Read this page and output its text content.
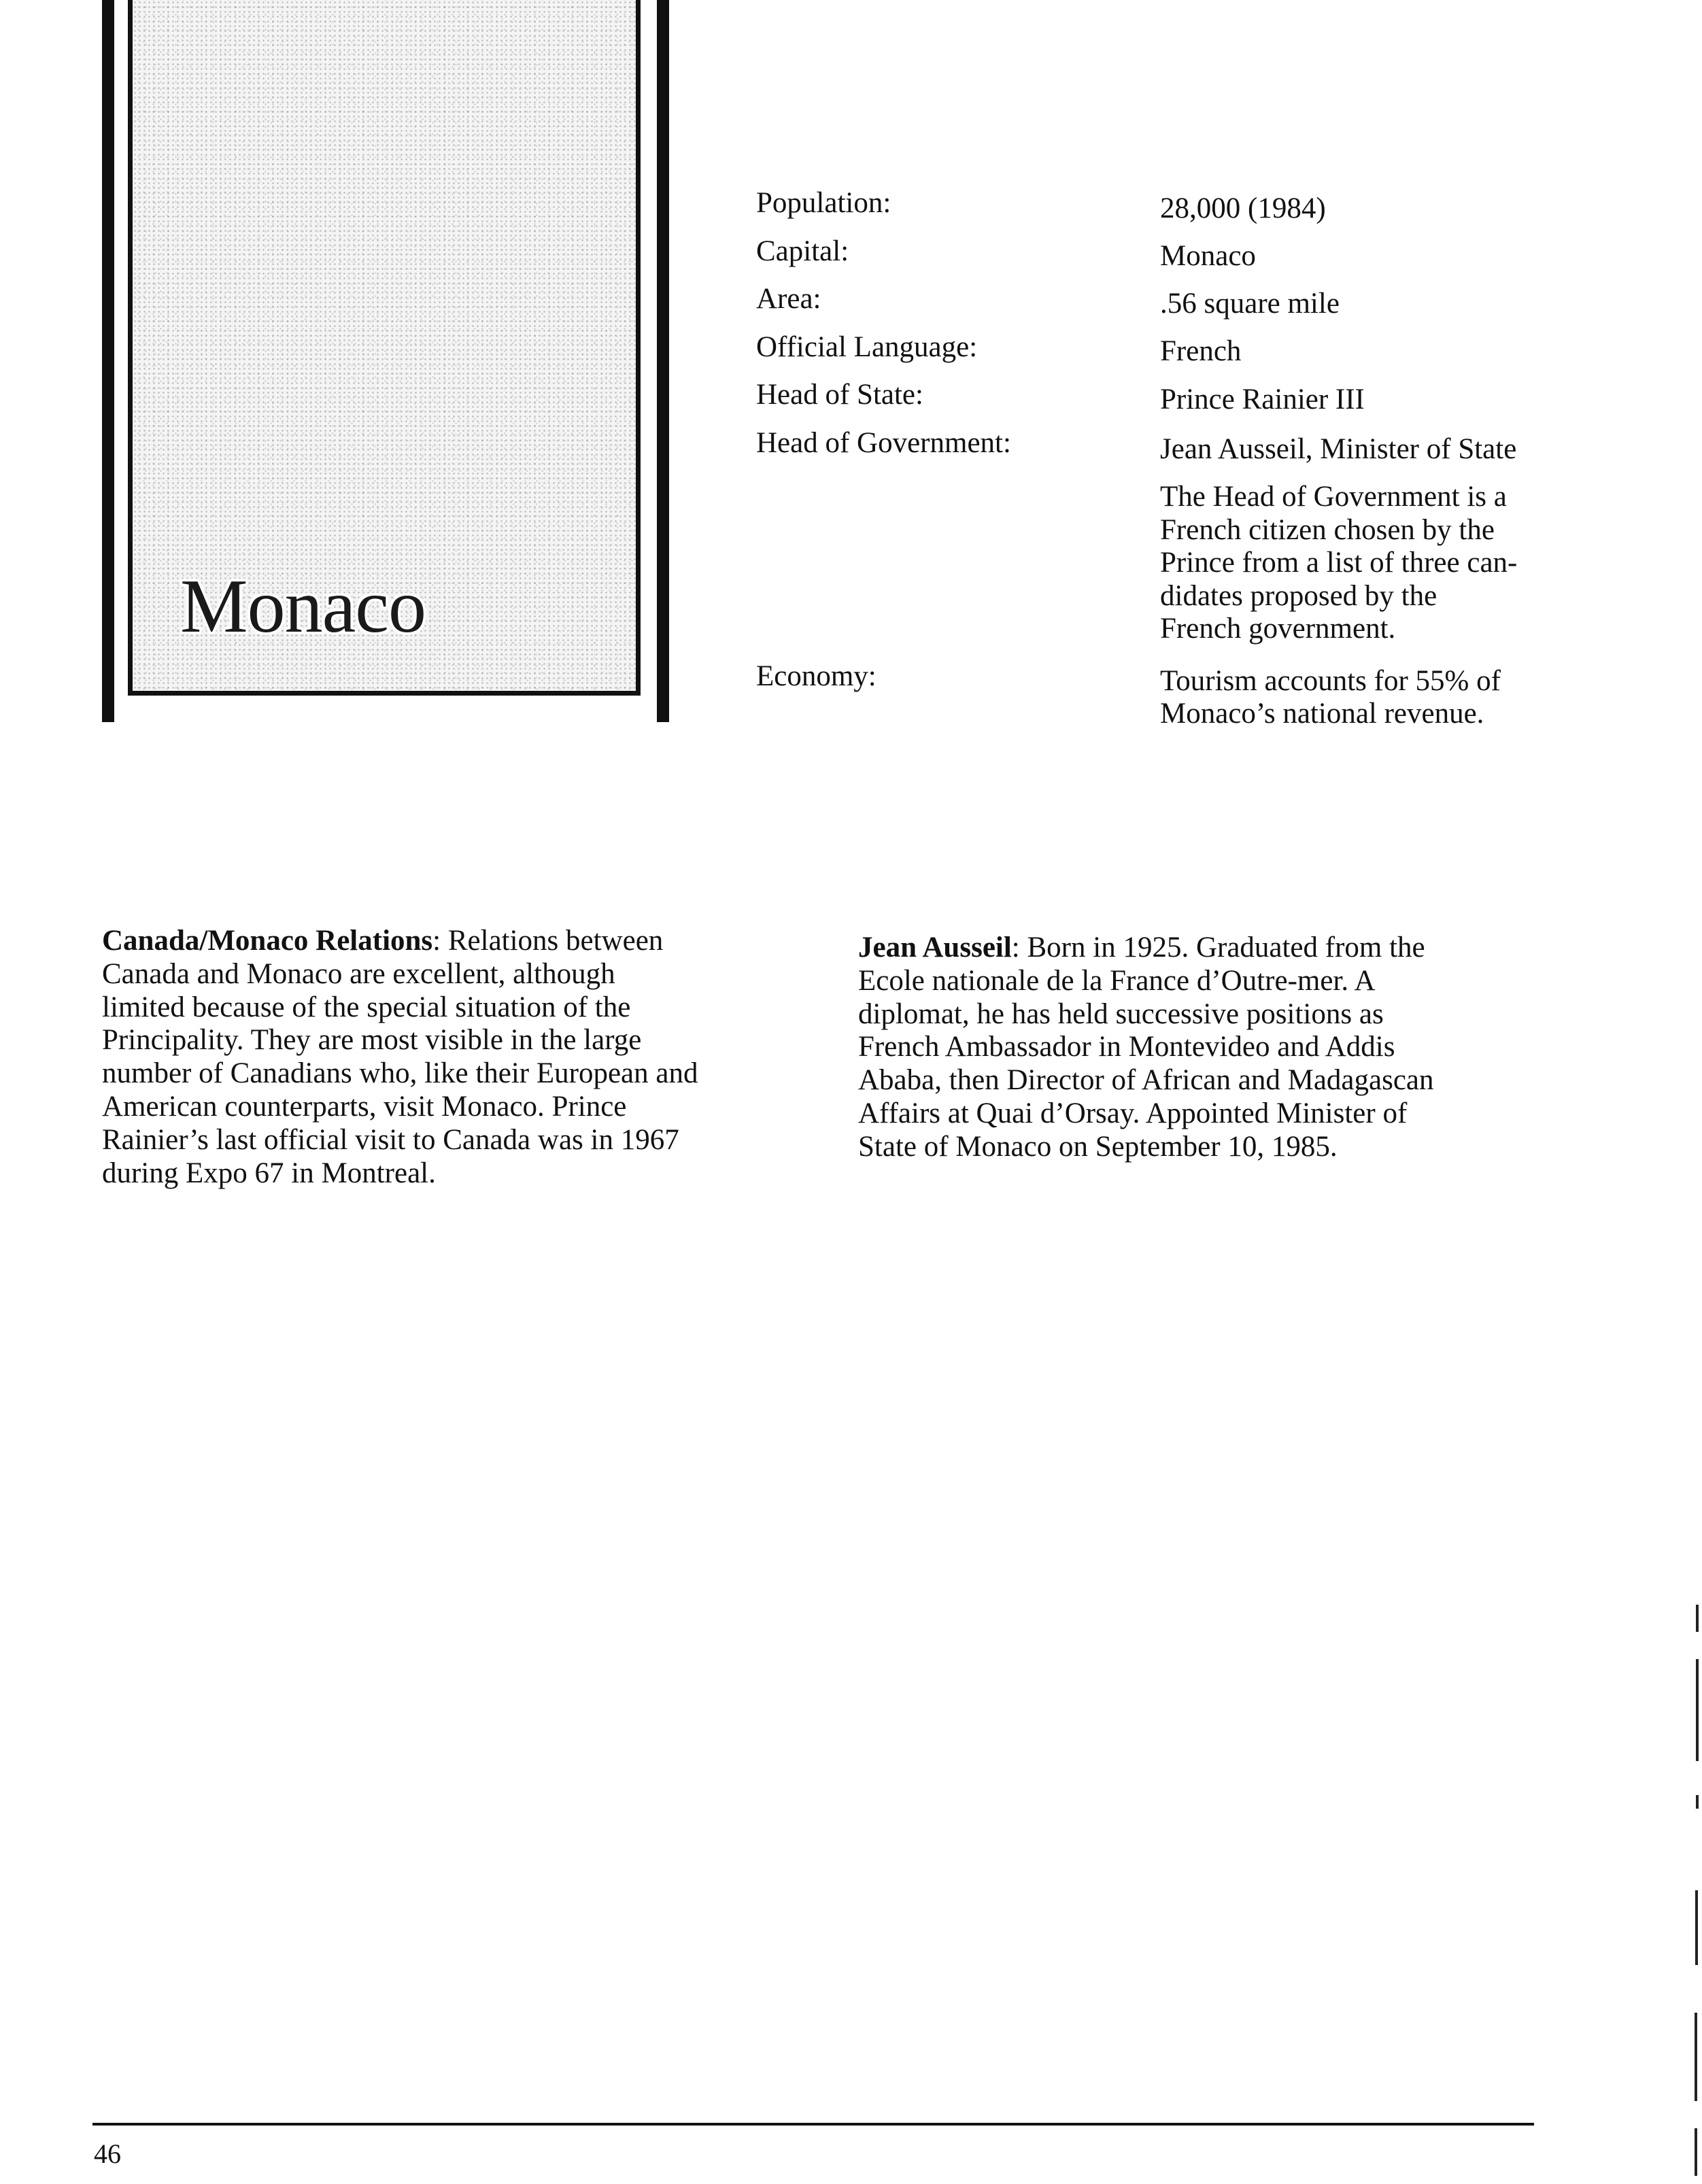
Monaco

Population:	28,000 (1984)

Capital:	Monaco

Area:	.56 square mile

Official Language:	French

Head of State:	Prince Rainier III

Head of Government:	Jean Ausseil, Minister of State

The Head of Government is a

French citizen chosen by the

Prince from a list of three can-

didates proposed by the

French government.

Economy:	Tourism accounts for 55% of

Monaco’s national revenue.

Canada/Monaco Relations: Relations between
Canada and Monaco are excellent, although
limited because of the special situation of the
Principality. They are most visible in the large
number of Canadians who, like their European and
American counterparts, visit Monaco. Prince
Rainier’s last official visit to Canada was in 1967
during Expo 67 in Montreal.
Jean Ausseil: Born in 1925. Graduated from the
Ecole nationale de la France d’Outre-mer. A
diplomat, he has held successive positions as
French Ambassador in Montevideo and Addis
Ababa, then Director of African and Madagascan
Affairs at Quai d’Orsay. Appointed Minister of
State of Monaco on September 10, 1985.

46
